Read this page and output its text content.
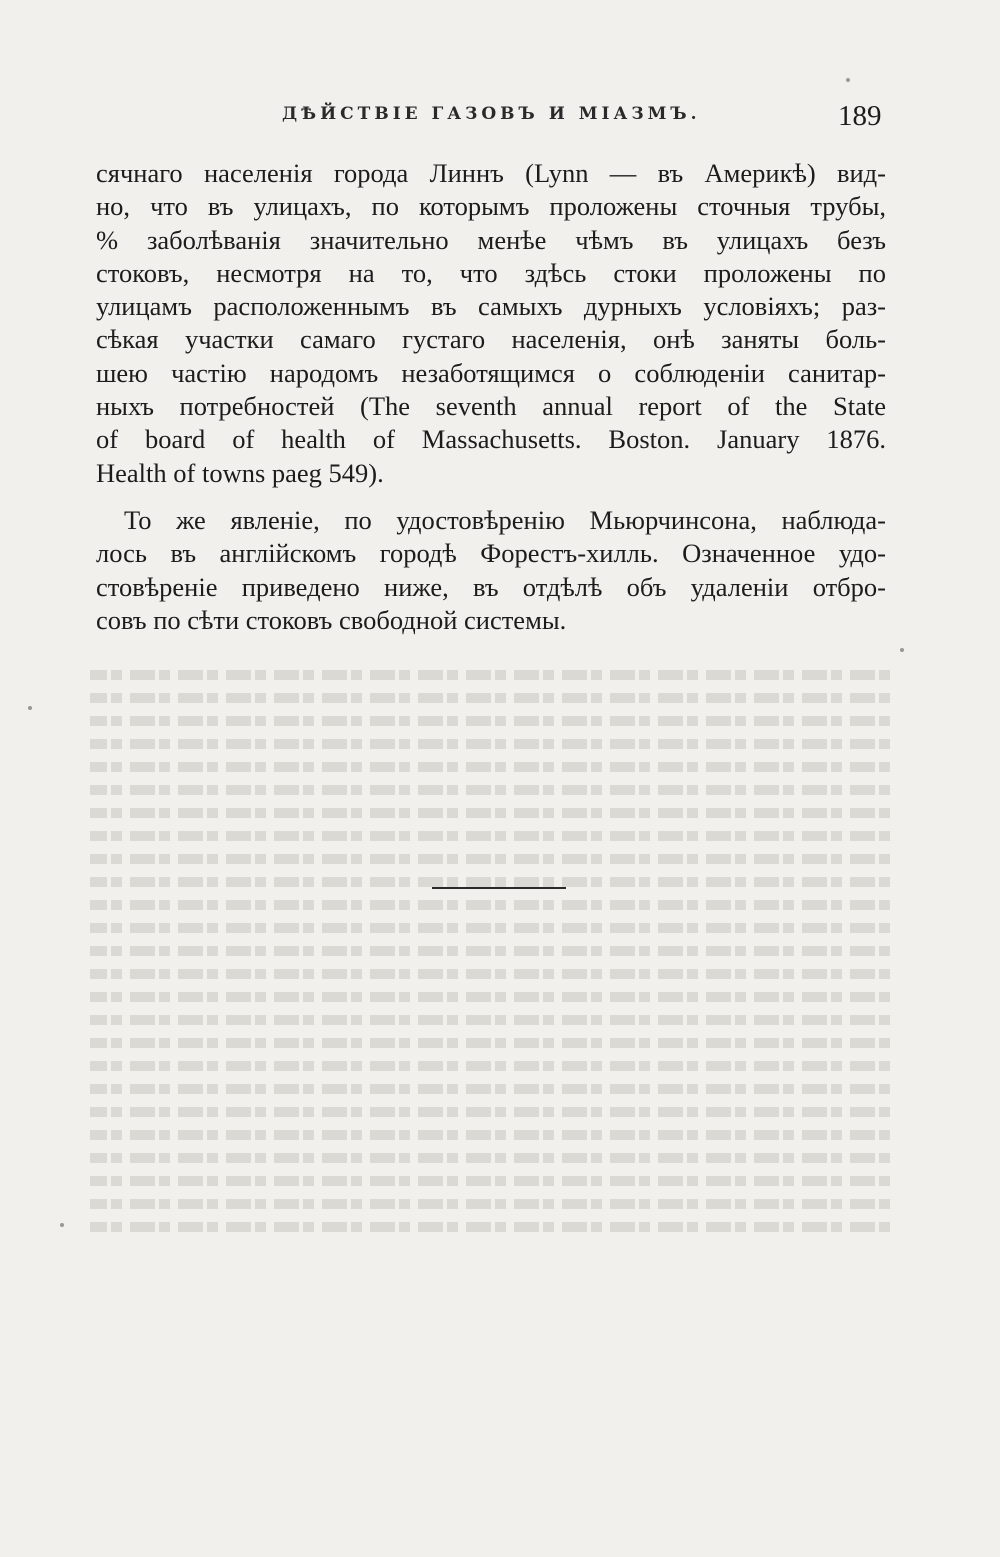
ДѢЙСТВІЕ ГАЗОВЪ И МІАЗМЪ.	189
сячнаго населенія города Линнъ (Lynn — въ Америкѣ) вид-
но, что въ улицахъ, по которымъ проложены сточныя трубы,
% заболѣванія значительно менѣе чѣмъ въ улицахъ безъ
стоковъ, несмотря на то, что здѣсь стоки проложены по
улицамъ расположеннымъ въ самыхъ дурныхъ условіяхъ; раз-
сѣкая участки самаго густаго населенія, онѣ заняты боль-
шею частію народомъ незаботящимся о соблюденіи санитар-
ныхъ потребностей (The seventh annual report of the State
of board of health of Massachusetts. Boston. January 1876.
Health of towns paeg 549).
То же явленіе, по удостовѣренію Мьюрчинсона, наблюда-
лось въ англійскомъ городѣ Форестъ-хилль. Означенное удо-
стовѣреніе приведено ниже, въ отдѣлѣ объ удаленіи отбро-
совъ по сѣти стоковъ свободной системы.
